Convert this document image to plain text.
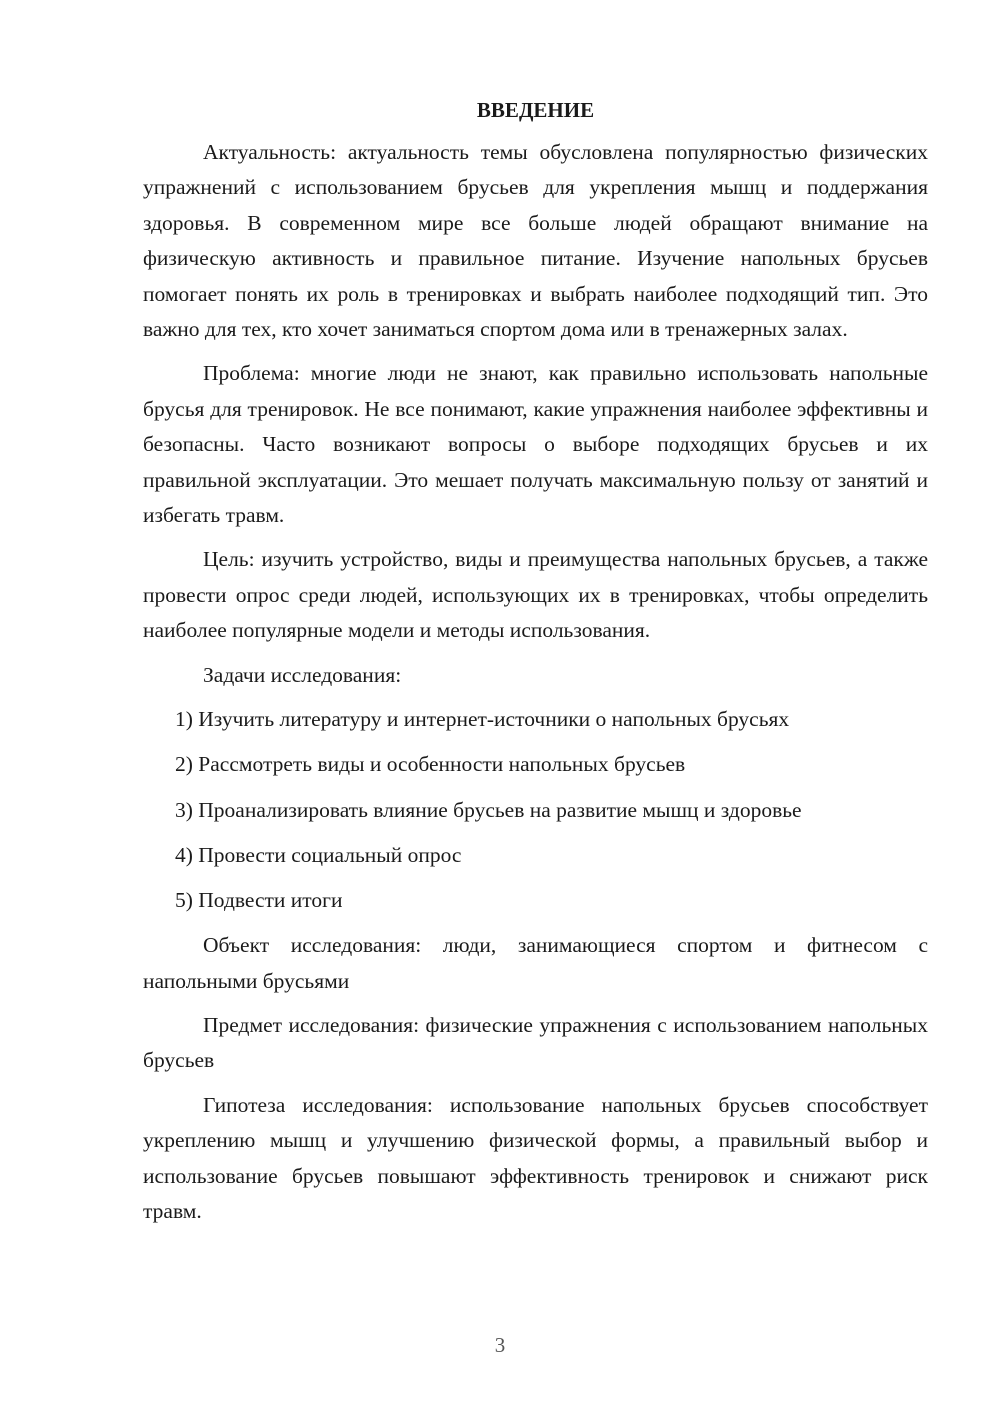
ВВЕДЕНИЕ

Актуальность: актуальность темы обусловлена популярностью физических упражнений с использованием брусьев для укрепления мышц и поддержания здоровья. В современном мире все больше людей обращают внимание на физическую активность и правильное питание. Изучение напольных брусьев помогает понять их роль в тренировках и выбрать наиболее подходящий тип. Это важно для тех, кто хочет заниматься спортом дома или в тренажерных залах.

Проблема: многие люди не знают, как правильно использовать напольные брусья для тренировок. Не все понимают, какие упражнения наиболее эффективны и безопасны. Часто возникают вопросы о выборе подходящих брусьев и их правильной эксплуатации. Это мешает получать максимальную пользу от занятий и избегать травм.

Цель: изучить устройство, виды и преимущества напольных брусьев, а также провести опрос среди людей, использующих их в тренировках, чтобы определить наиболее популярные модели и методы использования.

Задачи исследования:
1) Изучить литературу и интернет-источники о напольных брусьях
2) Рассмотреть виды и особенности напольных брусьев
3) Проанализировать влияние брусьев на развитие мышц и здоровье
4) Провести социальный опрос
5) Подвести итоги

Объект исследования: люди, занимающиеся спортом и фитнесом с напольными брусьями

Предмет исследования: физические упражнения с использованием напольных брусьев

Гипотеза исследования: использование напольных брусьев способствует укреплению мышц и улучшению физической формы, а правильный выбор и использование брусьев повышают эффективность тренировок и снижают риск травм.

3
